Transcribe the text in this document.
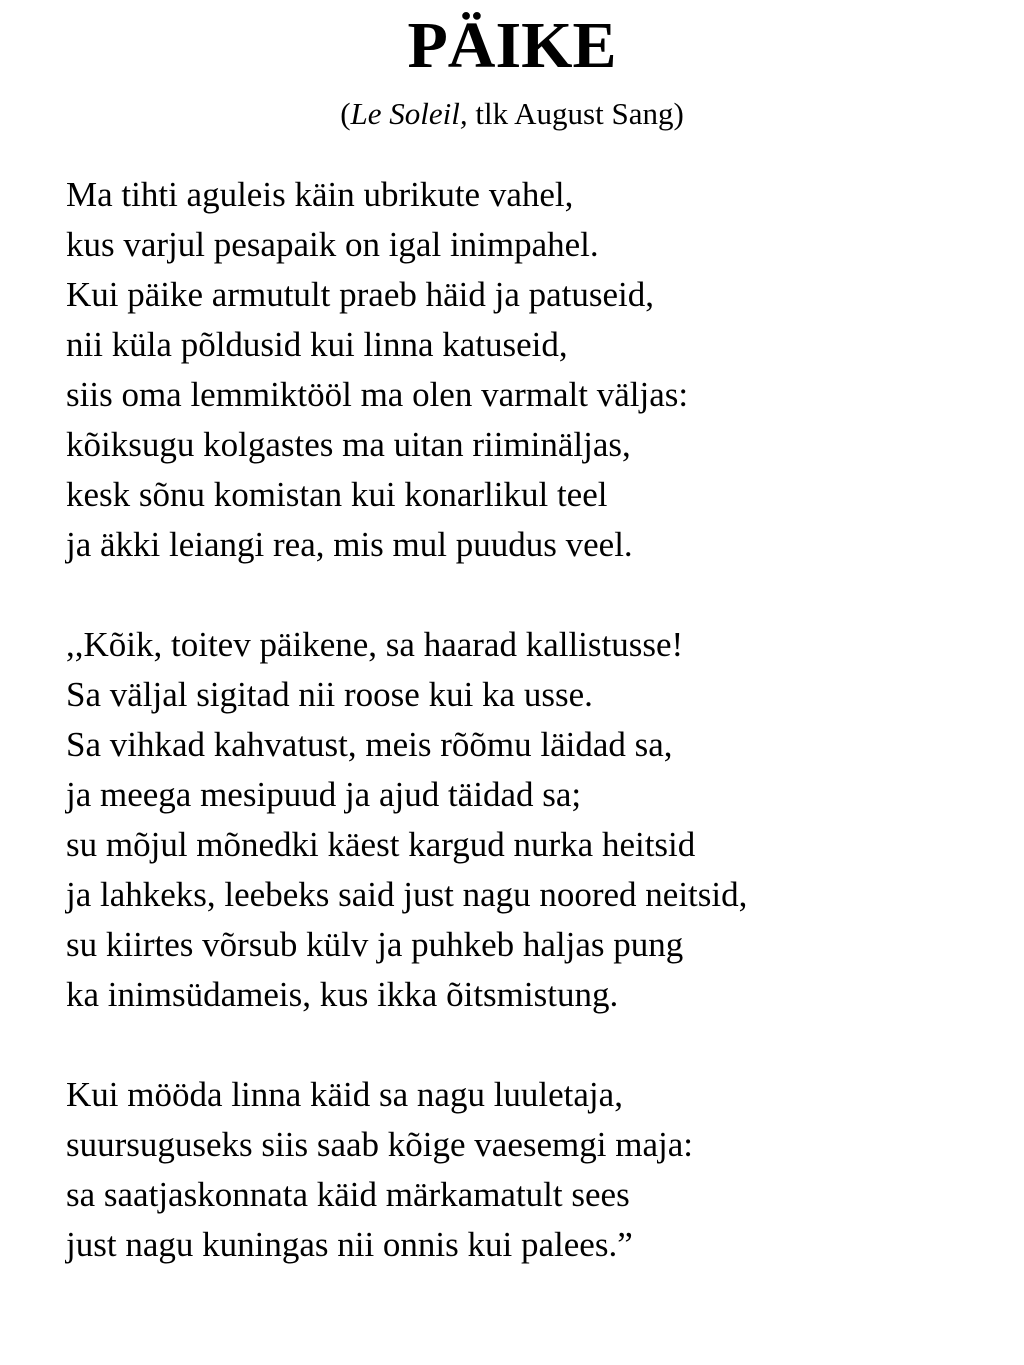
PÄIKE

(Le Soleil, tlk August Sang)

Ma tihti aguleis käin ubrikute vahel,
kus varjul pesapaik on igal inimpahel.
Kui päike armutult praeb häid ja patuseid,
nii küla põldusid kui linna katuseid,
siis oma lemmiktööl ma olen varmalt väljas:
kõiksugu kolgastes ma uitan riiminäljas,
kesk sõnu komistan kui konarlikul teel
ja äkki leiangi rea, mis mul puudus veel.
,,Kõik, toitev päikene, sa haarad kallistusse!
Sa väljal sigitad nii roose kui ka usse.
Sa vihkad kahvatust, meis rõõmu läidad sa,
ja meega mesipuud ja ajud täidad sa;
su mõjul mõnedki käest kargud nurka heitsid
ja lahkeks, leebeks said just nagu noored neitsid,
su kiirtes võrsub külv ja puhkeb haljas pung
ka inimsüdameis, kus ikka õitsmistung.
Kui mööda linna käid sa nagu luuletaja,
suursuguseks siis saab kõige vaesemgi maja:
sa saatjaskonnata käid märkamatult sees
just nagu kuningas nii onnis kui palees.”
